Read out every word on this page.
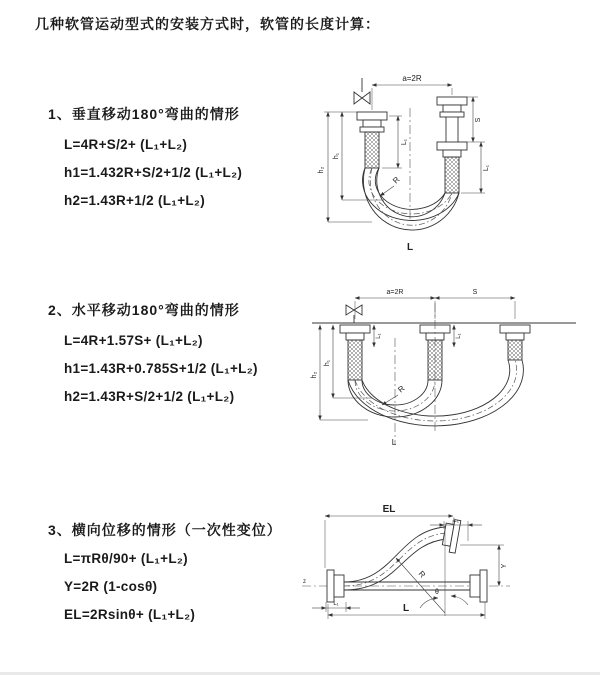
几种软管运动型式的安装方式时，软管的长度计算：
1、垂直移动180°弯曲的情形
L=4R+S/2+ (L₁+L₂)
h1=1.432R+S/2+1/2 (L₁+L₂)
h2=1.43R+1/2 (L₁+L₂)
a=2R
L₁
S
L₁
h₁
h₂
R
L
2、水平移动180°弯曲的情形
L=4R+1.57S+ (L₁+L₂)
h1=1.43R+0.785S+1/2 (L₁+L₂)
h2=1.43R+S/2+1/2 (L₁+L₂)
a=2R	S
L₁	L₁
h₁
h₂
R
L
3、横向位移的情形（一次性变位）
L=πRθ/90+ (L₁+L₂)
Y=2R (1-cosθ)
EL=2Rsinθ+ (L₁+L₂)
z
EL
L₁
Y
R
θ
L
L₁
